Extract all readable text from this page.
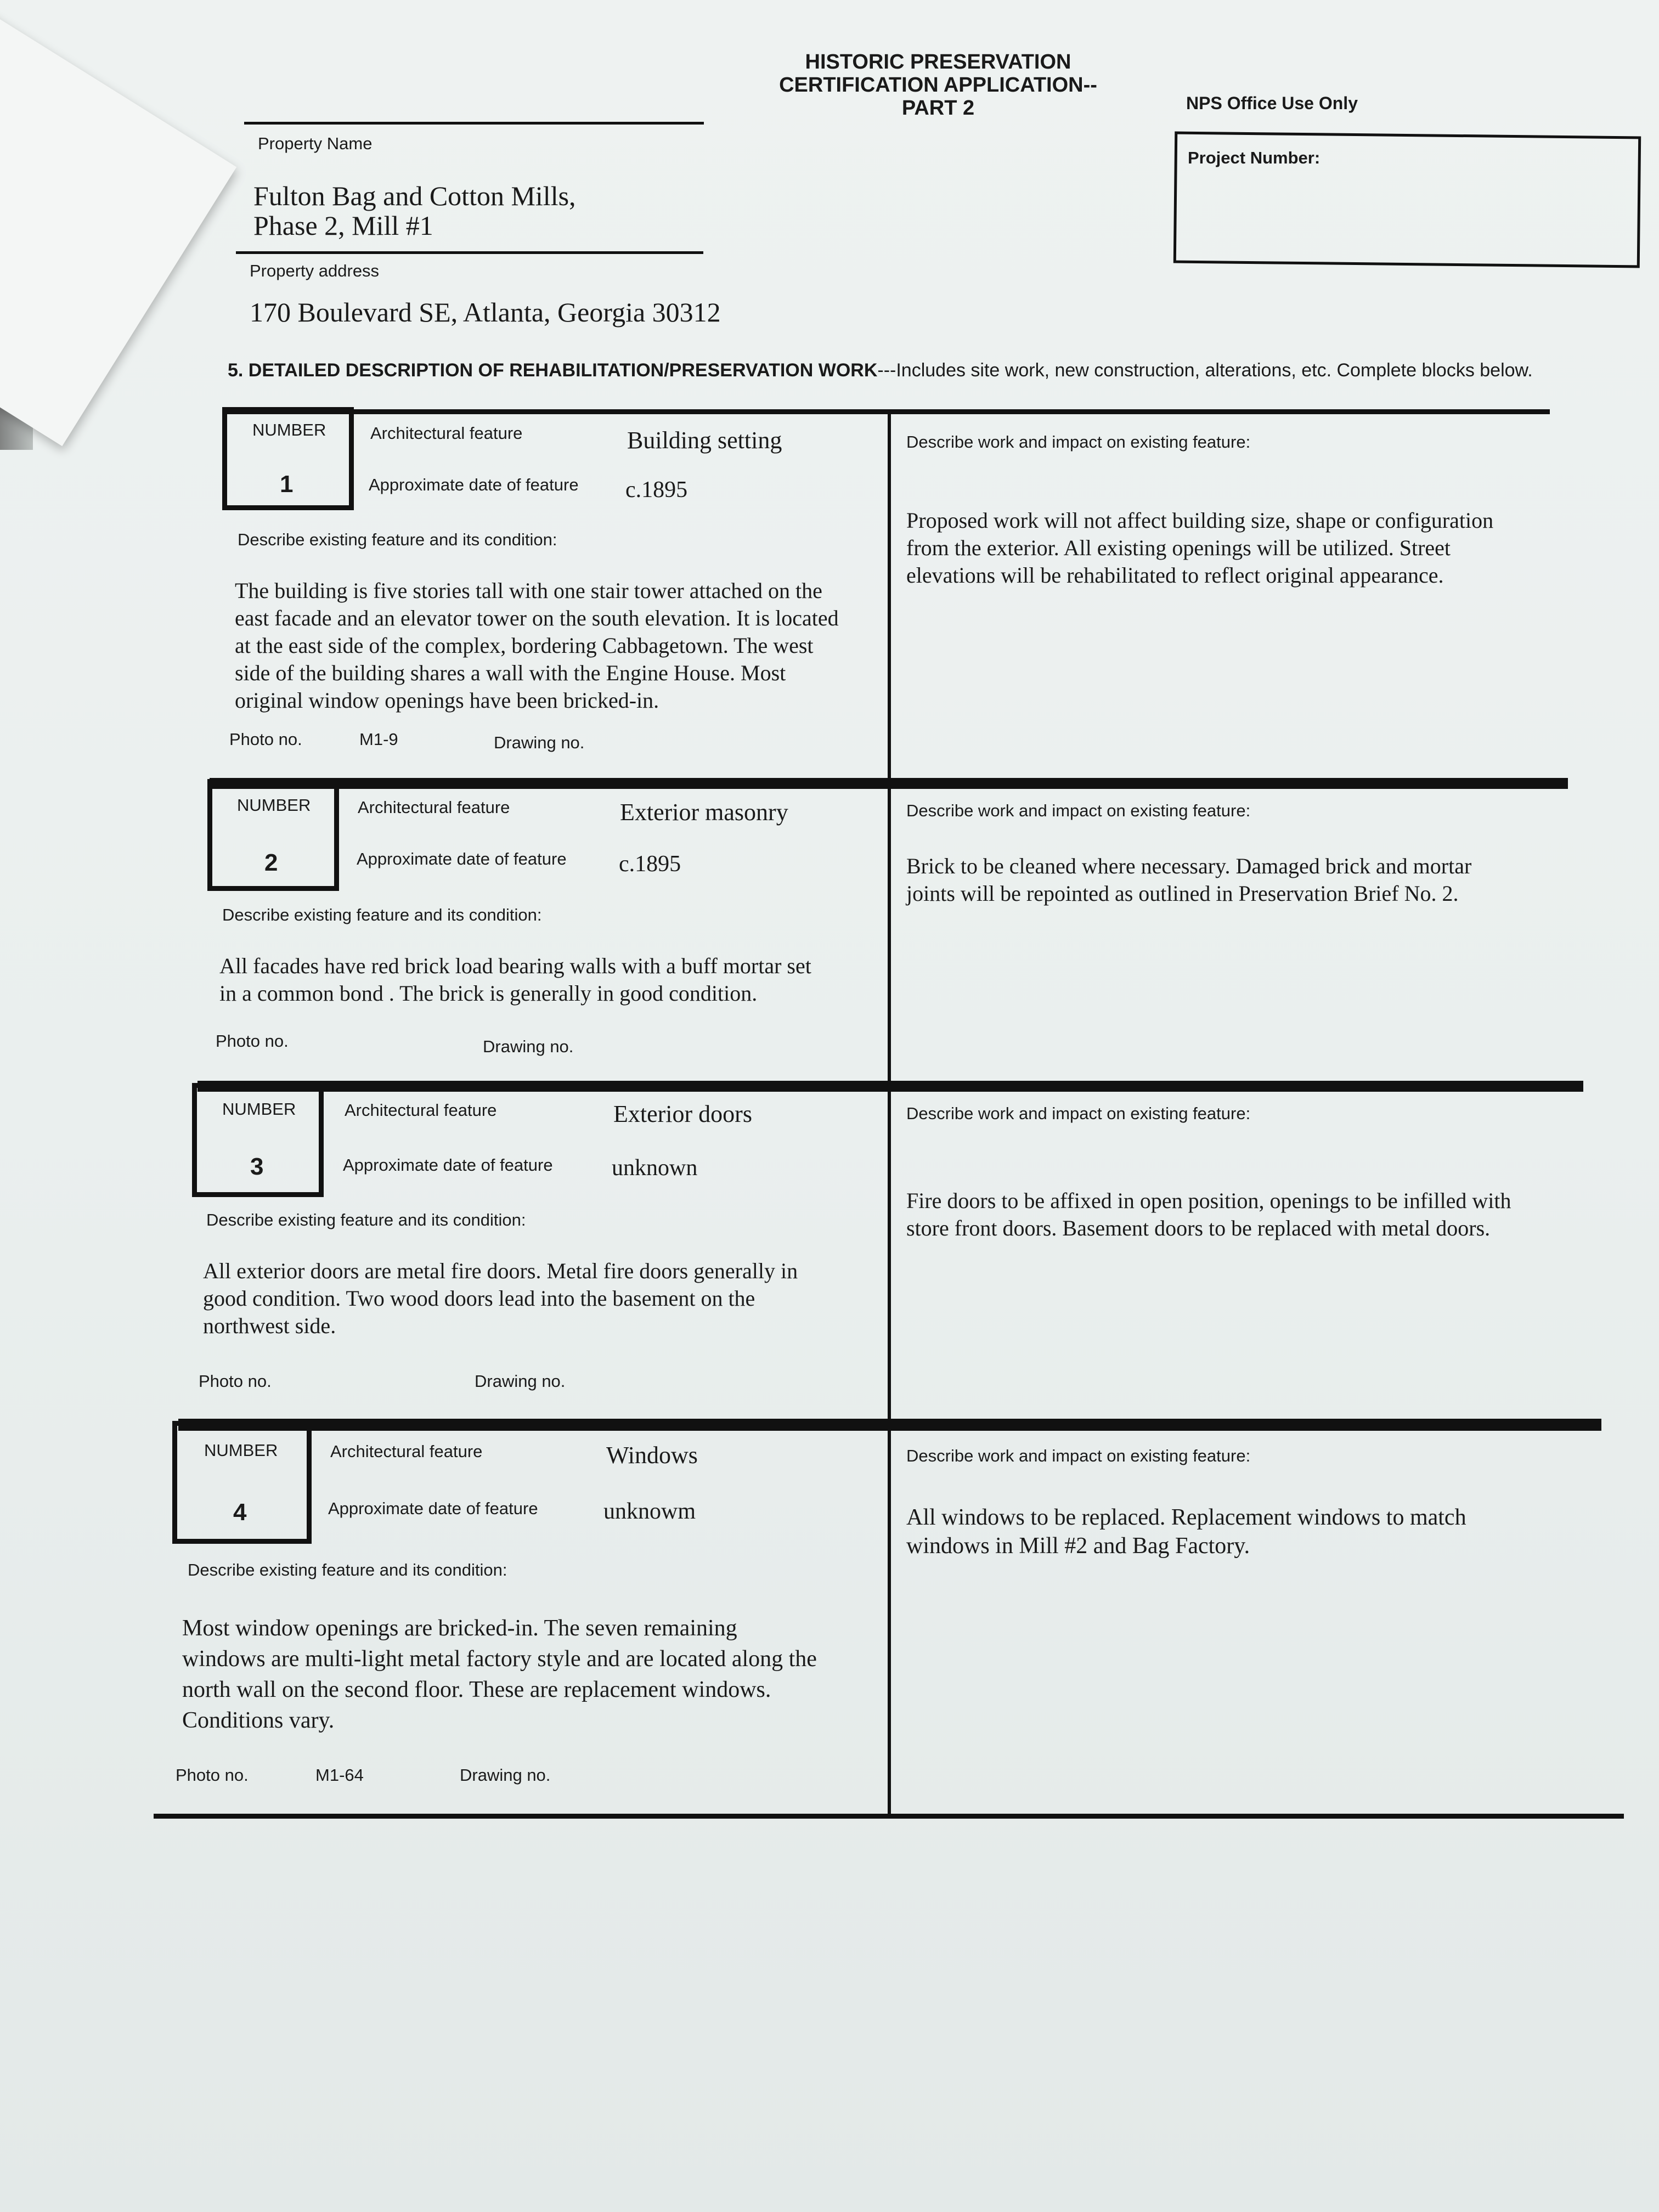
HISTORIC PRESERVATION
CERTIFICATION APPLICATION--
PART 2	NPS Office Use Only
Project Number:
Property Name
Fulton Bag and Cotton Mills,
Phase 2, Mill #1
Property address
170 Boulevard SE, Atlanta, Georgia 30312
5. DETAILED DESCRIPTION OF REHABILITATION/PRESERVATION WORK---Includes site work, new construction, alterations, etc. Complete blocks below.
NUMBER
1
Architectural feature	Building setting
Approximate date of feature c.1895
Describe existing feature and its condition:
The building is five stories tall with one stair tower attached on the
east facade and an elevator tower on the south elevation. It is located
at the east side of the complex, bordering Cabbagetown. The west
side of the building shares a wall with the Engine House. Most
original window openings have been bricked-in.
Photo no.	M1-9	Drawing no.
Describe work and impact on existing feature:
Proposed work will not affect building size, shape or configuration
from the exterior. All existing openings will be utilized. Street
elevations will be rehabilitated to reflect original appearance.
NUMBER
2
Architectural feature	Exterior masonry
Approximate date of feature c.1895
Describe existing feature and its condition:
All facades have red brick load bearing walls with a buff mortar set
in a common bond . The brick is generally in good condition.
Photo no.	Drawing no.
Describe work and impact on existing feature:
Brick to be cleaned where necessary. Damaged brick and mortar
joints will be repointed as outlined in Preservation Brief No. 2.
NUMBER
3
Architectural feature	Exterior doors
Approximate date of feature	unknown
Describe existing feature and its condition:
All exterior doors are metal fire doors. Metal fire doors generally in
good condition. Two wood doors lead into the basement on the
northwest side.
Photo no.	Drawing no.
Describe work and impact on existing feature:
Fire doors to be affixed in open position, openings to be infilled with
store front doors. Basement doors to be replaced with metal doors.
NUMBER
4
Architectural feature	Windows
Approximate date of feature	unknowm
Describe existing feature and its condition:
Most window openings are bricked-in. The seven remaining
windows are multi-light metal factory style and are located along the
north wall on the second floor. These are replacement windows.
Conditions vary.
Photo no.	M1-64	Drawing no.
Describe work and impact on existing feature:
All windows to be replaced. Replacement windows to match
windows in Mill #2 and Bag Factory.
